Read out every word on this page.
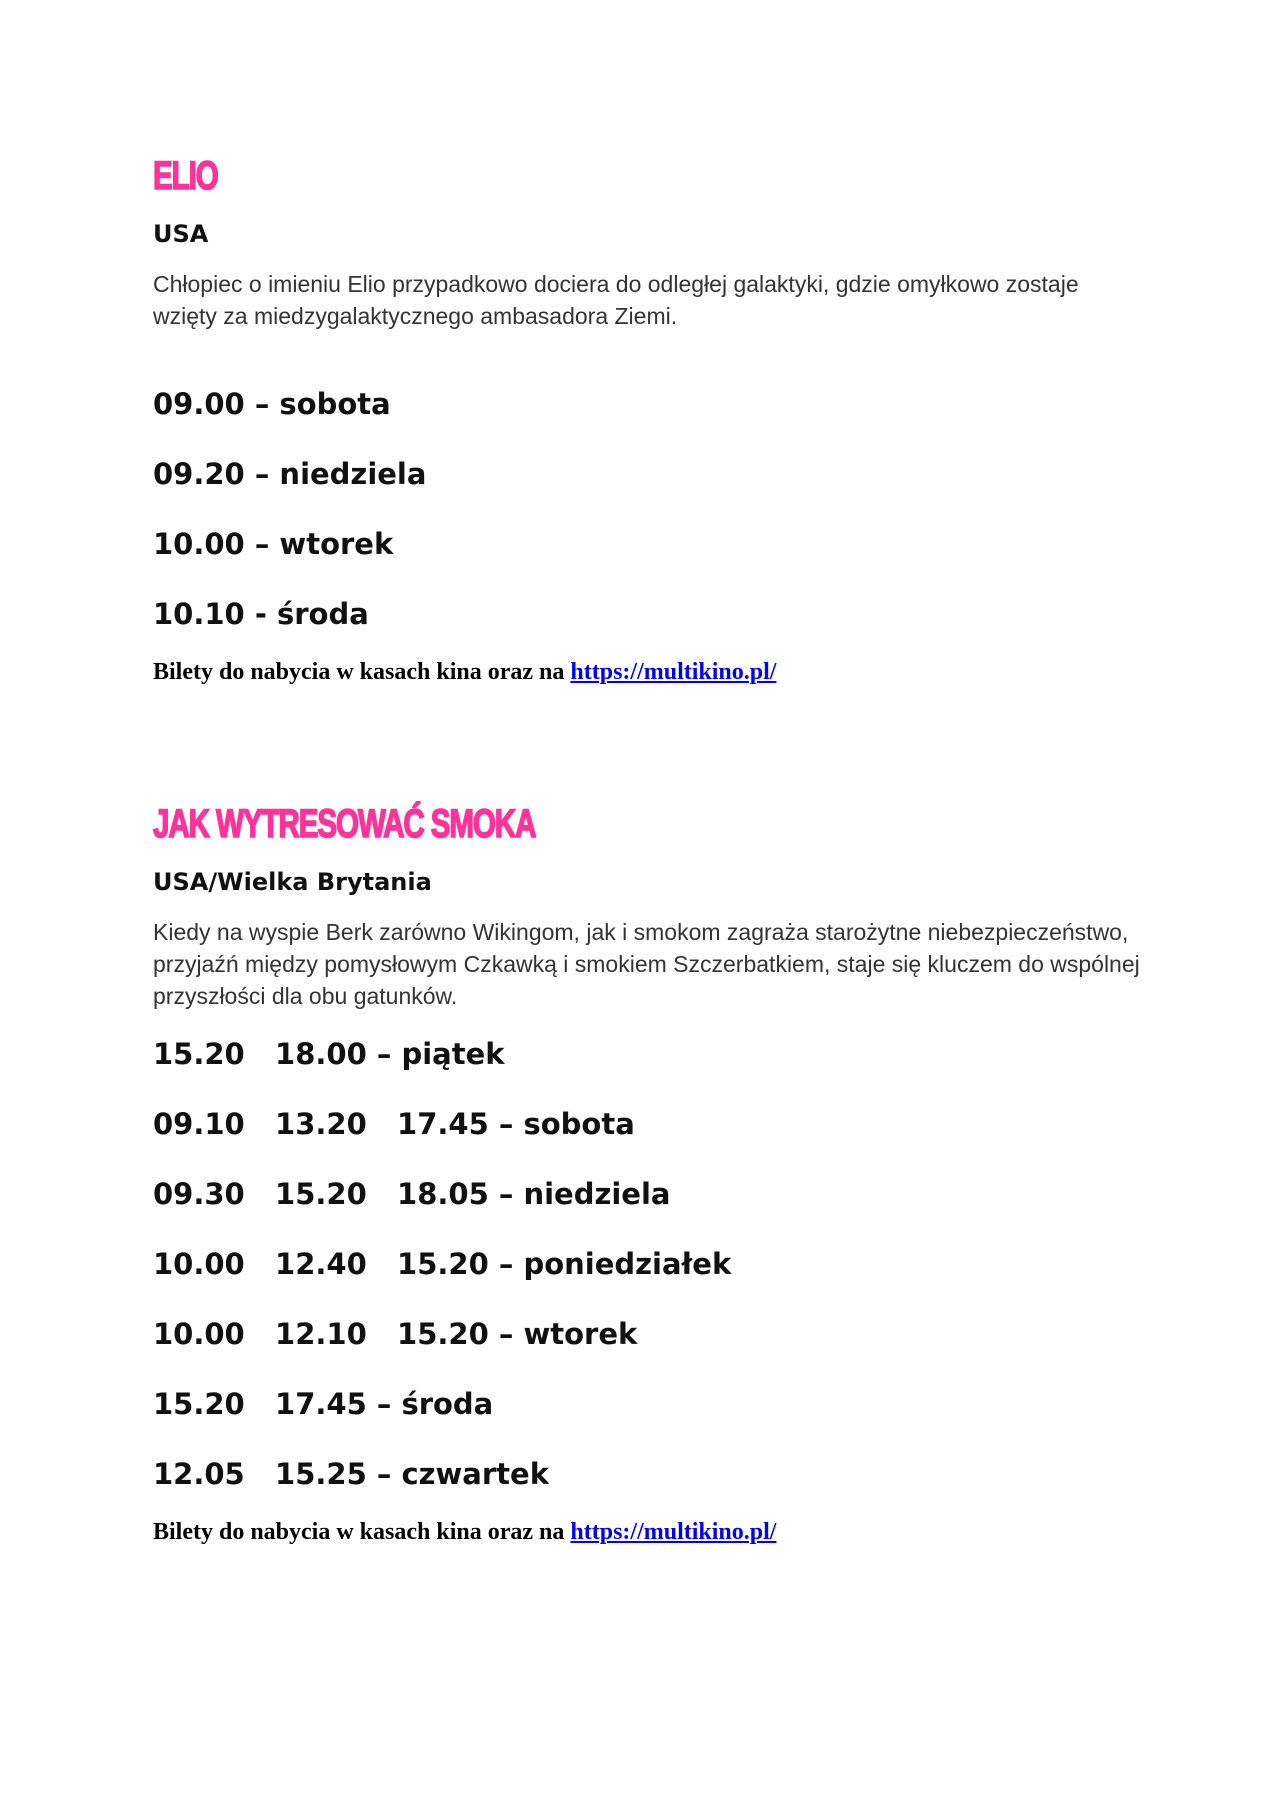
ELIO
USA

Chłopiec o imieniu Elio przypadkowo dociera do odległej galaktyki, gdzie omyłkowo zostaje wzięty za miedzygalaktycznego ambasadora Ziemi.

09.00 – sobota
09.20 – niedziela
10.00 – wtorek
10.10 - środa

Bilety do nabycia w kasach kina oraz na https://multikino.pl/

JAK WYTRESOWAĆ SMOKA
USA/Wielka Brytania

Kiedy na wyspie Berk zarówno Wikingom, jak i smokom zagraża starożytne niebezpieczeństwo, przyjaźń między pomysłowym Czkawką i smokiem Szczerbatkiem, staje się kluczem do wspólnej przyszłości dla obu gatunków.

15.20   18.00 – piątek
09.10   13.20   17.45 – sobota
09.30   15.20   18.05 – niedziela
10.00   12.40   15.20 – poniedziałek
10.00   12.10   15.20 – wtorek
15.20   17.45 – środa
12.05   15.25 – czwartek

Bilety do nabycia w kasach kina oraz na https://multikino.pl/
